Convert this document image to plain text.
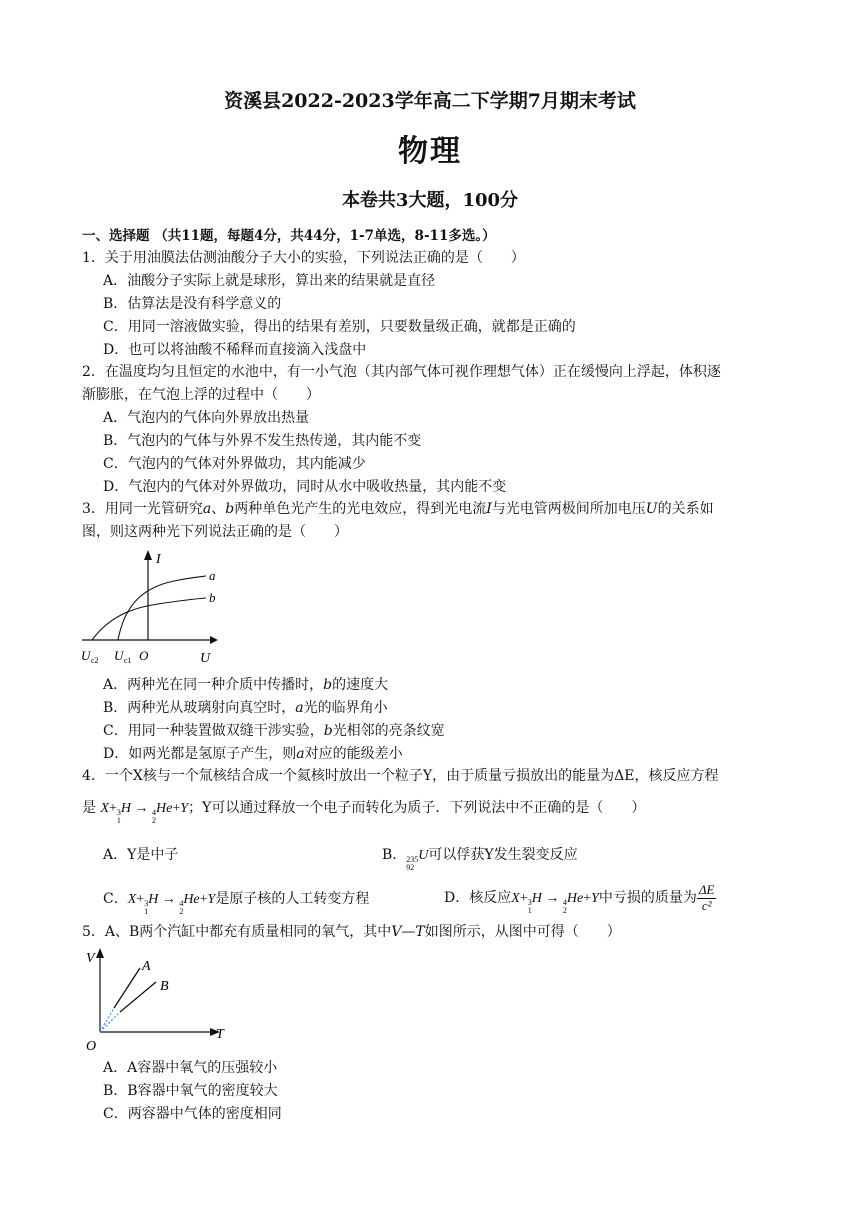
资溪县2022-2023学年高二下学期7月期末考试
物理
本卷共3大题，100分
一、选择题 （共11题，每题4分，共44分，1-7单选，8-11多选。）
1．关于用油膜法估测油酸分子大小的实验，下列说法正确的是（　　）
A．油酸分子实际上就是球形，算出来的结果就是直径
B．估算法是没有科学意义的
C．用同一溶液做实验，得出的结果有差别，只要数量级正确，就都是正确的
D．也可以将油酸不稀释而直接滴入浅盘中
2．在温度均匀且恒定的水池中，有一小气泡（其内部气体可视作理想气体）正在缓慢向上浮起，体积逐
渐膨胀，在气泡上浮的过程中（　　）
A．气泡内的气体向外界放出热量
B．气泡内的气体与外界不发生热传递，其内能不变
C．气泡内的气体对外界做功，其内能减少
D．气泡内的气体对外界做功，同时从水中吸收热量，其内能不变
3．用同一光管研究a、b两种单色光产生的光电效应，得到光电流I与光电管两极间所加电压U的关系如
图，则这两种光下列说法正确的是（　　）
I
a
b
U c2 U c1 O	U
A．两种光在同一种介质中传播时，b的速度大
B．两种光从玻璃射向真空时，a光的临界角小
C．用同一种装置做双缝干涉实验，b光相邻的亮条纹宽
D．如两光都是氢原子产生，则a对应的能级差小
4．一个X核与一个氚核结合成一个氦核时放出一个粒子Y，由于质量亏损放出的能量为ΔE，核反应方程
是 X+ 3
1
H → 4
2
He+Y；Y可以通过释放一个电子而转化为质子．下列说法中不正确的是（　　）
A．Y是中子	B． 235
92
U可以俘获Y发生裂变反应
C．X+ 3
1
H → 4
2
He+Y是原子核的人工转变方程	D．核反应X+ 3
1
H → 4
2
He+Y中亏损的质量为 $\frac{\Delta E}{\text{c²}}$
5．A、B两个汽缸中都充有质量相同的氧气，其中V—T如图所示，从图中可得（　　）
V
A
B
O
T
A．A容器中氧气的压强较小
B．B容器中氧气的密度较大
C．两容器中气体的密度相同
